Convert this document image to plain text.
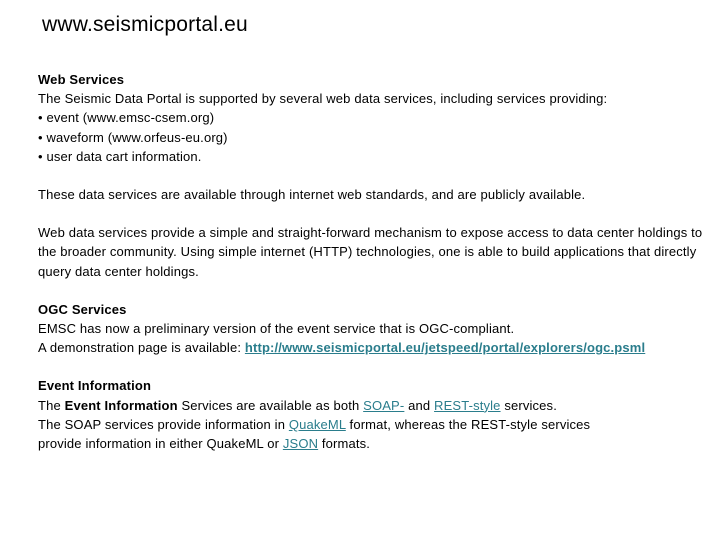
www.seismicportal.eu

Web Services

The Seismic Data Portal is supported by several web data services, including services providing:

• event (www.emsc-csem.org)

• waveform (www.orfeus-eu.org)

• user data cart information.

These data services are available through internet web standards, and are publicly available.

Web data services provide a simple and straight-forward mechanism to expose access to data center holdings to the broader community. Using simple internet (HTTP) technologies, one is able to build applications that directly query data center holdings.

OGC Services

EMSC has now a preliminary version of the event service that is OGC-compliant.

A demonstration page is available: http://www.seismicportal.eu/jetspeed/portal/explorers/ogc.psml

Event Information

The Event Information Services are available as both SOAP- and REST-style services.

The SOAP services provide information in QuakeML format, whereas the REST-style services

provide information in either QuakeML or JSON formats.
